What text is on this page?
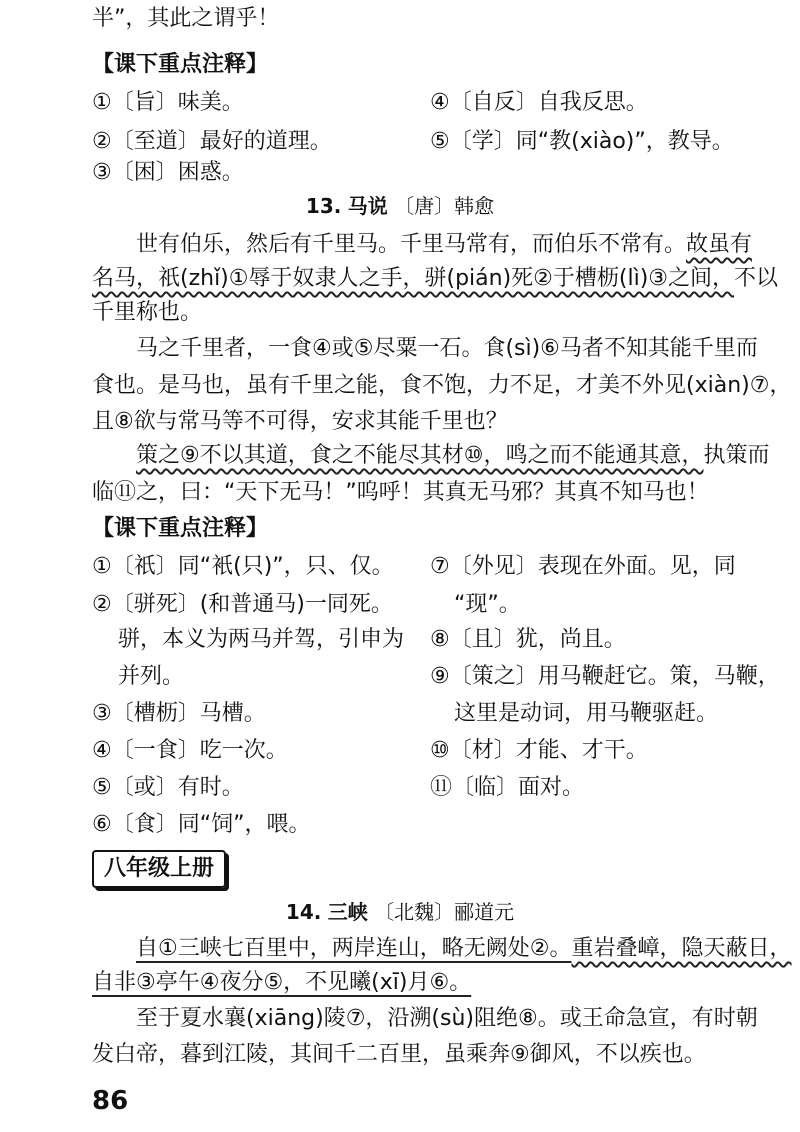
半”，其此之谓乎！
【课下重点注释】
①〔旨〕味美。
②〔至道〕最好的道理。
③〔困〕困惑。
④〔自反〕自我反思。
⑤〔学〕同“教(xiào)”，教导。
13. 马说 〔唐〕韩愈
世有伯乐，然后有千里马。千里马常有，而伯乐不常有。故虽有
名马，祇(zhǐ)①辱于奴隶人之手，骈(pián)死②于槽枥(lì)③之间，不以
千里称也。
马之千里者，一食④或⑤尽粟一石。食(sì)⑥马者不知其能千里而
食也。是马也，虽有千里之能，食不饱，力不足，才美不外见(xiàn)⑦，
且⑧欲与常马等不可得，安求其能千里也？
策之⑨不以其道，食之不能尽其材⑩，鸣之而不能通其意，执策而
临⑪之，曰：“天下无马！”呜呼！其真无马邪？其真不知马也！
【课下重点注释】
①〔祇〕同“衹(只)”，只、仅。
②〔骈死〕(和普通马)一同死。
骈，本义为两马并驾，引申为
并列。
③〔槽枥〕马槽。
④〔一食〕吃一次。
⑤〔或〕有时。
⑥〔食〕同“饲”，喂。
⑦〔外见〕表现在外面。见，同
“现”。
⑧〔且〕犹，尚且。
⑨〔策之〕用马鞭赶它。策，马鞭，
这里是动词，用马鞭驱赶。
⑩〔材〕才能、才干。
⑪〔临〕面对。
八年级上册
14. 三峡 〔北魏〕郦道元
自①三峡七百里中，两岸连山，略无阙处②。重岩叠嶂，隐天蔽日，
自非③亭午④夜分⑤，不见曦(xī)月⑥。
至于夏水襄(xiāng)陵⑦，沿溯(sù)阻绝⑧。或王命急宣，有时朝
发白帝，暮到江陵，其间千二百里，虽乘奔⑨御风，不以疾也。
86
